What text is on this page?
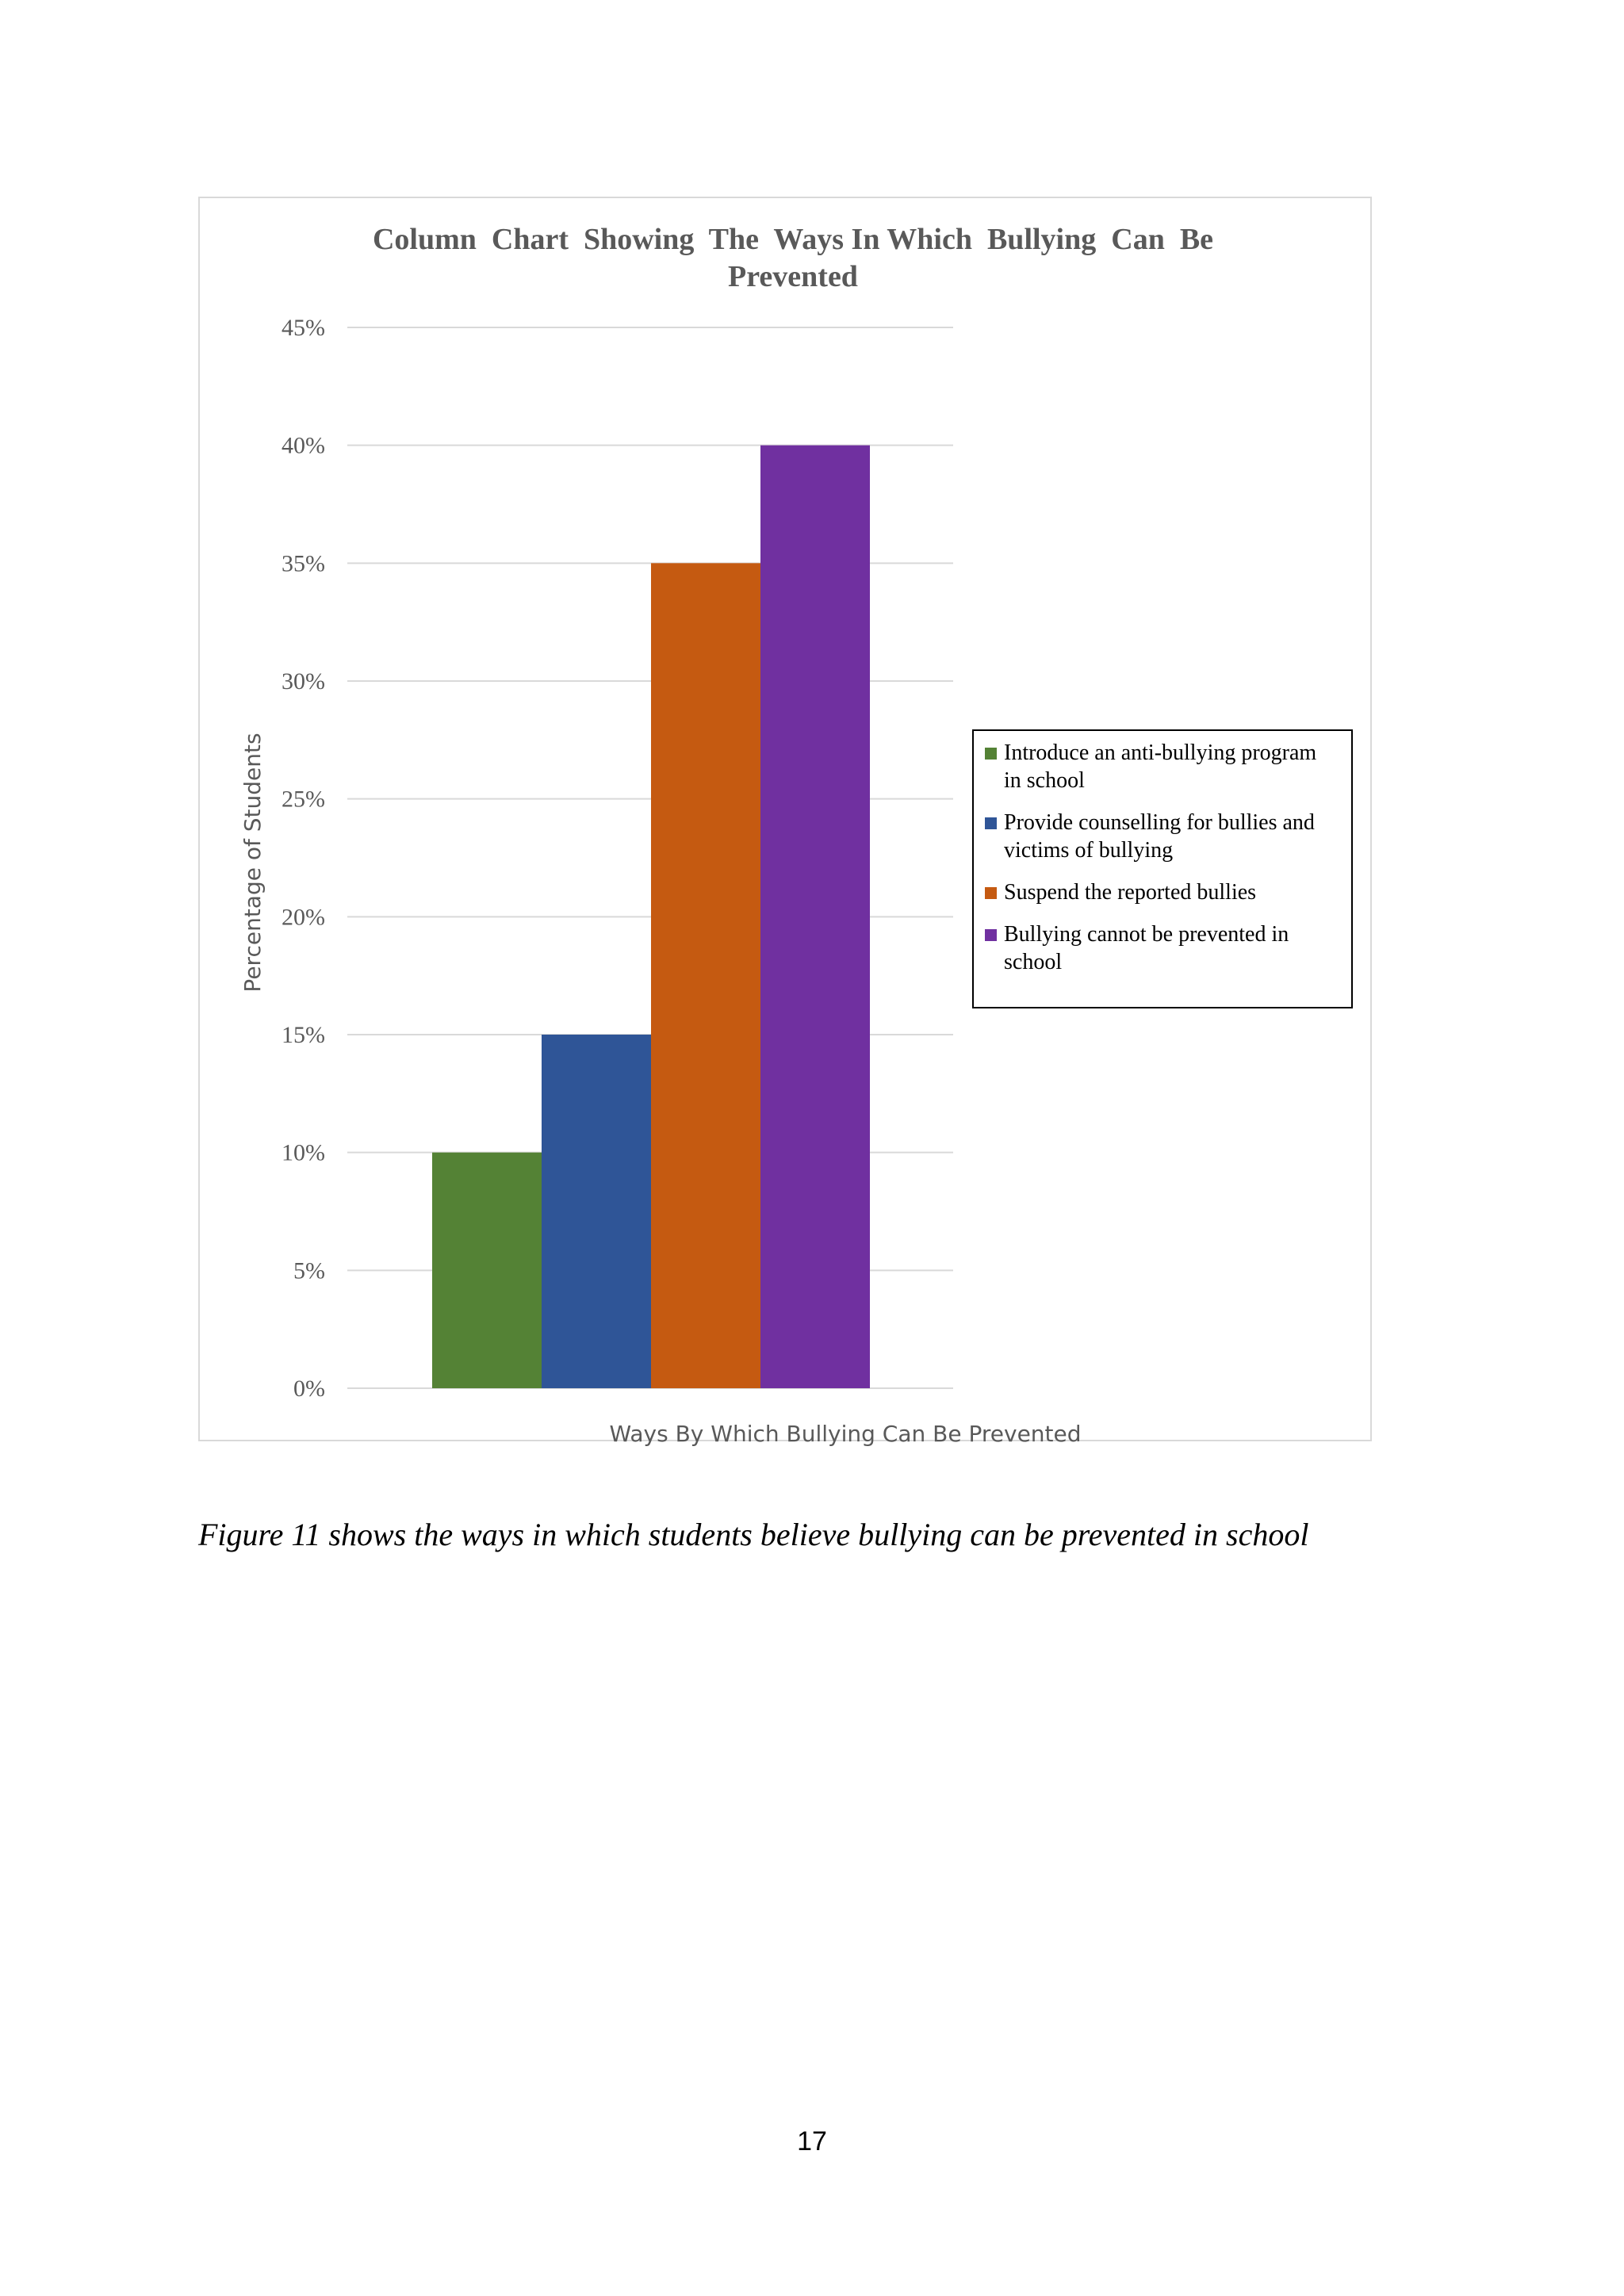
Column  Chart  Showing  The  Ways In Which  Bullying  Can  Be
Prevented
0%
5%
10%
15%
20%
25%
30%
35%
40%
45%
Percentage of Students
Ways By Which Bullying Can Be Prevented
Introduce an anti-bullying program
in school
Provide counselling for bullies and
victims of bullying
Suspend the reported bullies
Bullying cannot be prevented in
school
Figure 11 shows the ways in which students believe bullying can be prevented in school
17
